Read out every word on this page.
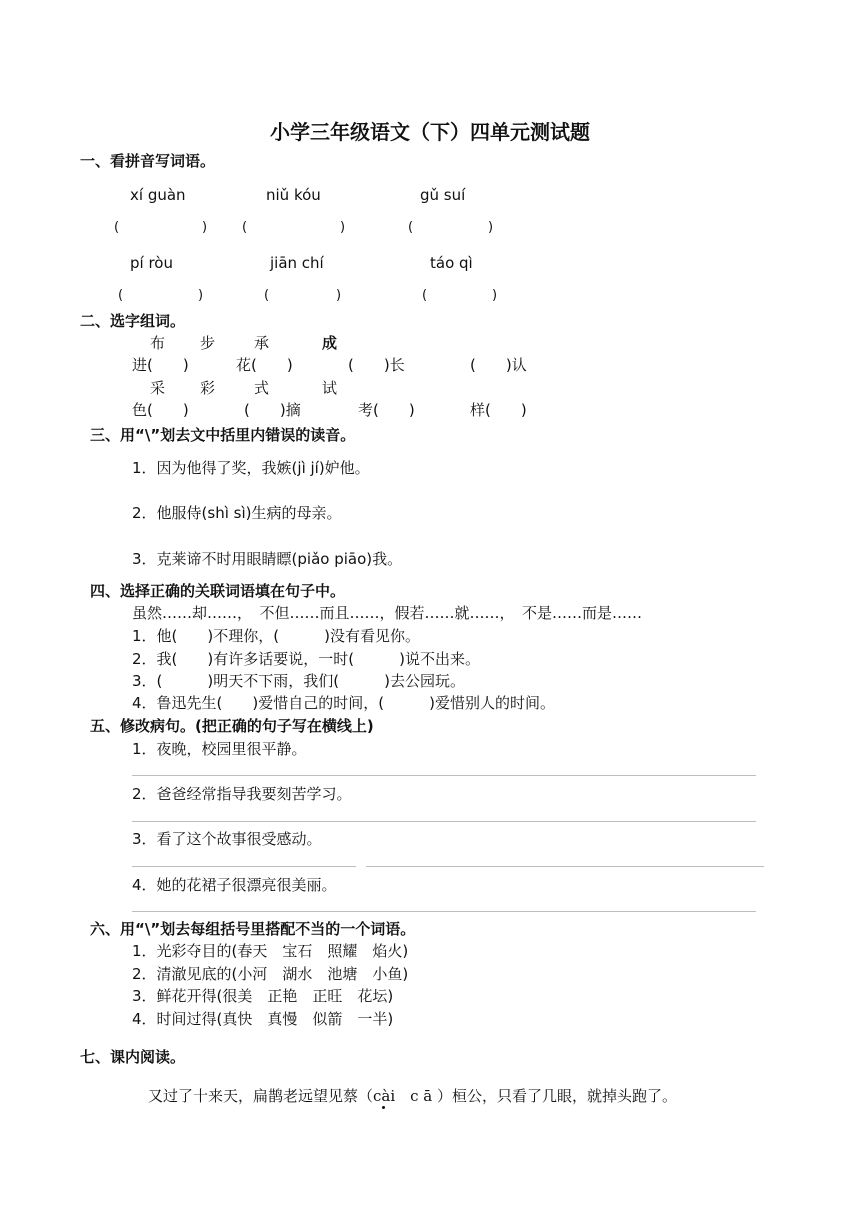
小学三年级语文（下）四单元测试题
一、看拼音写词语。
xí guàn	niǔ kóu	gǔ suí
(	)	(	)	(	)
pí ròu	jiān chí	táo qì
(	)	(	)	(	)
二、选字组词。
布 步	承	成
进(　　)	花(　　)	(　　)长	(　　)认
采 彩	式	试
色(　　)	(　　)摘	考(　　)	样(　　)
三、用“\”划去文中括里内错误的读音。
1．因为他得了奖，我嫉(jì jí)妒他。
2．他服侍(shì sì)生病的母亲。
3．克莱谛不时用眼睛瞟(piǎo piāo)我。
四、选择正确的关联词语填在句子中。
虽然……却……，　不但……而且……，假若……就……，　不是……而是……
1．他(　　)不理你，(　　　)没有看见你。
2．我(　　)有许多话要说，一时(　　　)说不出来。
3．(　　　)明天不下雨，我们(　　　)去公园玩。
4．鲁迅先生(　　)爱惜自己的时间，(　　　)爱惜别人的时间。
五、修改病句。(把正确的句子写在横线上)
1．夜晚，校园里很平静。
2．爸爸经常指导我要刻苦学习。
3．看了这个故事很受感动。
4．她的花裙子很漂亮很美丽。
六、用“\”划去每组括号里搭配不当的一个词语。
1．光彩夺目的(春天　宝石　照耀　焰火)
2．清澈见底的(小河　湖水　池塘　小鱼)
3．鲜花开得(很美　正艳　正旺　花坛)
4．时间过得(真快　真慢　似箭　一半)
七、课内阅读。
又过了十来天，扁鹊老远望见蔡（cài　c ā ）桓公，只看了几眼，就掉头跑了。
